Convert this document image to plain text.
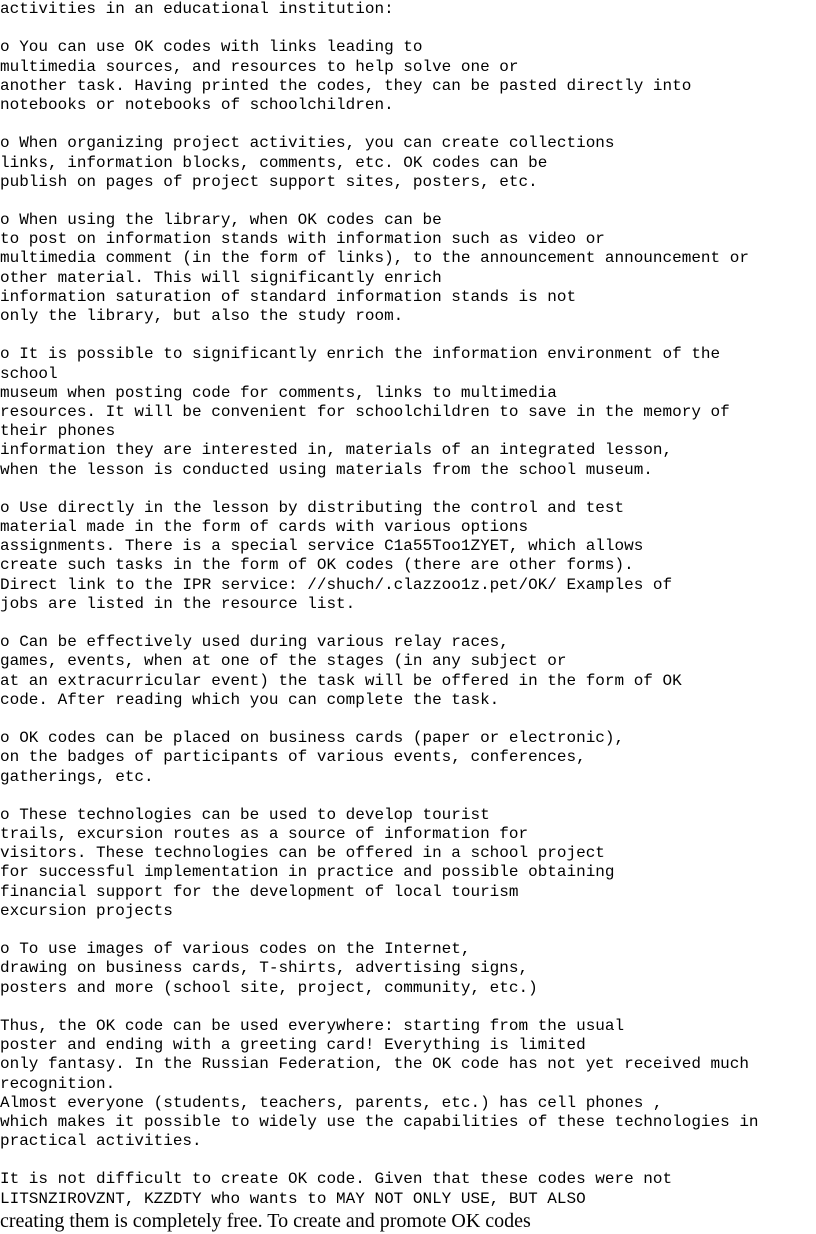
activities in an educational institution:
o You can use OK codes with links leading to
multimedia sources, and resources to help solve one or
another task. Having printed the codes, they can be pasted directly into
notebooks or notebooks of schoolchildren.
o When organizing project activities, you can create collections
links, information blocks, comments, etc. OK codes can be
publish on pages of project support sites, posters, etc.
o When using the library, when OK codes can be
to post on information stands with information such as video or
multimedia comment (in the form of links), to the announcement announcement or
other material. This will significantly enrich
information saturation of standard information stands is not
only the library, but also the study room.
o It is possible to significantly enrich the information environment of the
school
museum when posting code for comments, links to multimedia
resources. It will be convenient for schoolchildren to save in the memory of
their phones
information they are interested in, materials of an integrated lesson,
when the lesson is conducted using materials from the school museum.
o Use directly in the lesson by distributing the control and test
material made in the form of cards with various options
assignments. There is a special service C1a55Too1ZYET, which allows
create such tasks in the form of OK codes (there are other forms).
Direct link to the IPR service: //shuch/.clazzoo1z.pet/OK/ Examples of
jobs are listed in the resource list.
o Can be effectively used during various relay races,
games, events, when at one of the stages (in any subject or
at an extracurricular event) the task will be offered in the form of OK
code. After reading which you can complete the task.
o OK codes can be placed on business cards (paper or electronic),
on the badges of participants of various events, conferences,
gatherings, etc.
o These technologies can be used to develop tourist
trails, excursion routes as a source of information for
visitors. These technologies can be offered in a school project
for successful implementation in practice and possible obtaining
financial support for the development of local tourism
excursion projects
o To use images of various codes on the Internet,
drawing on business cards, T-shirts, advertising signs,
posters and more (school site, project, community, etc.)
Thus, the OK code can be used everywhere: starting from the usual
poster and ending with a greeting card! Everything is limited
only fantasy. In the Russian Federation, the OK code has not yet received much
recognition.
Almost everyone (students, teachers, parents, etc.) has cell phones ,
which makes it possible to widely use the capabilities of these technologies in
practical activities.
It is not difficult to create OK code. Given that these codes were not
LITSNZIROVZNT, KZZDTY who wants to MAY NOT ONLY USE, BUT ALSO
creating them is completely free. To create and promote OK codes
